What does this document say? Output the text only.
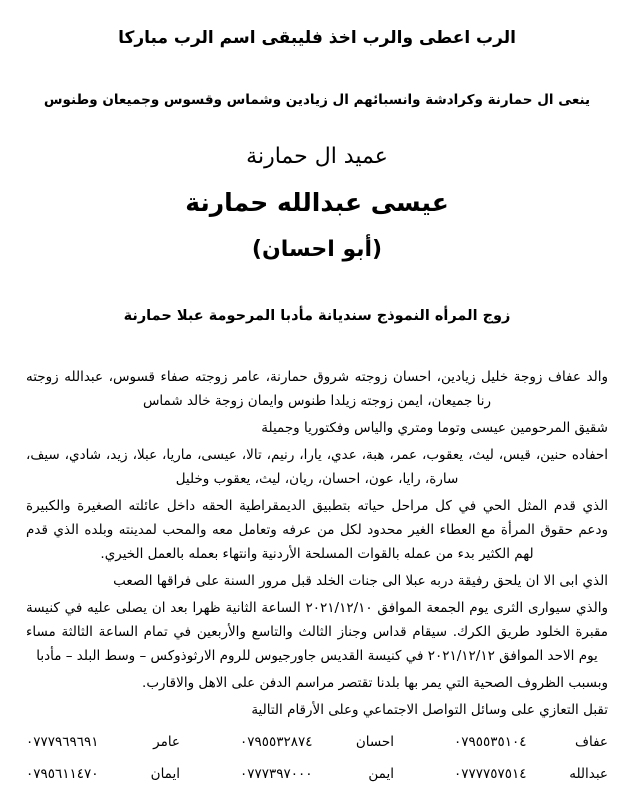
الرب اعطى والرب اخذ فليبقى اسم الرب مباركا
ينعى ال حمارنة وكرادشة وانسبائهم ال زيادين وشماس وقسوس وجميعان وطنوس
عميد ال حمارنة
عيسى عبدالله حمارنة
(أبو احسان)
زوج المرأه النموذج سنديانة مأدبا المرحومة عبلا حمارنة

والد عفاف زوجة خليل زيادين، احسان زوجته شروق حمارنة، عامر زوجته صفاء قسوس، عبدالله زوجته رنا جميعان، ايمن زوجته زيلدا طنوس وايمان زوجة خالد شماس

شقيق المرحومين عيسى وتوما ومتري والياس وفكتوريا وجميلة

احفاده حنين، قيس، ليث، يعقوب، عمر، هبة، عدي، يارا، رنيم، تالا، عيسى، ماريا، عبلا، زيد، شادي، سيف، سارة، رايا، عون، احسان، ريان، ليث، يعقوب وخليل

الذي قدم المثل الحي في كل مراحل حياته بتطبيق الديمقراطية الحقه داخل عائلته الصغيرة والكبيرة ودعم حقوق المرأة مع العطاء الغير محدود لكل من عرفه وتعامل معه والمحب لمدينته وبلده الذي قدم لهم الكثير بدء من عمله بالقوات المسلحة الأردنية وانتهاء بعمله بالعمل الخيري.

الذي ابى الا ان يلحق رفيقة دربه عبلا الى جنات الخلد قبل مرور السنة على فراقها الصعب

والذي سيوارى الثرى يوم الجمعة الموافق ٢٠٢١/١٢/١٠ الساعة الثانية ظهرا بعد ان يصلى عليه في كنيسة مقبرة الخلود طريق الكرك. سيقام قداس وجناز الثالث والتاسع والأربعين في تمام الساعة الثالثة مساء يوم الاحد الموافق ٢٠٢١/١٢/١٢ في كنيسة القديس جاورجيوس للروم الارثوذوكس – وسط البلد – مأدبا

وبسبب الظروف الصحية التي يمر بها بلدنا تقتصر مراسم الدفن على الاهل والاقارب.

تقبل التعازي على وسائل التواصل الاجتماعي وعلى الأرقام التالية

عفاف
٠٧٩٥٥٣٥١٠٤
احسان
٠٧٩٥٥٣٢٨٧٤
عامر
٠٧٧٧٩٦٩٦٩١
عبدالله
٠٧٧٧٧٥٧٥١٤
ايمن
٠٧٧٧٣٩٧٠٠٠
ايمان
٠٧٩٥٦١١٤٧٠
